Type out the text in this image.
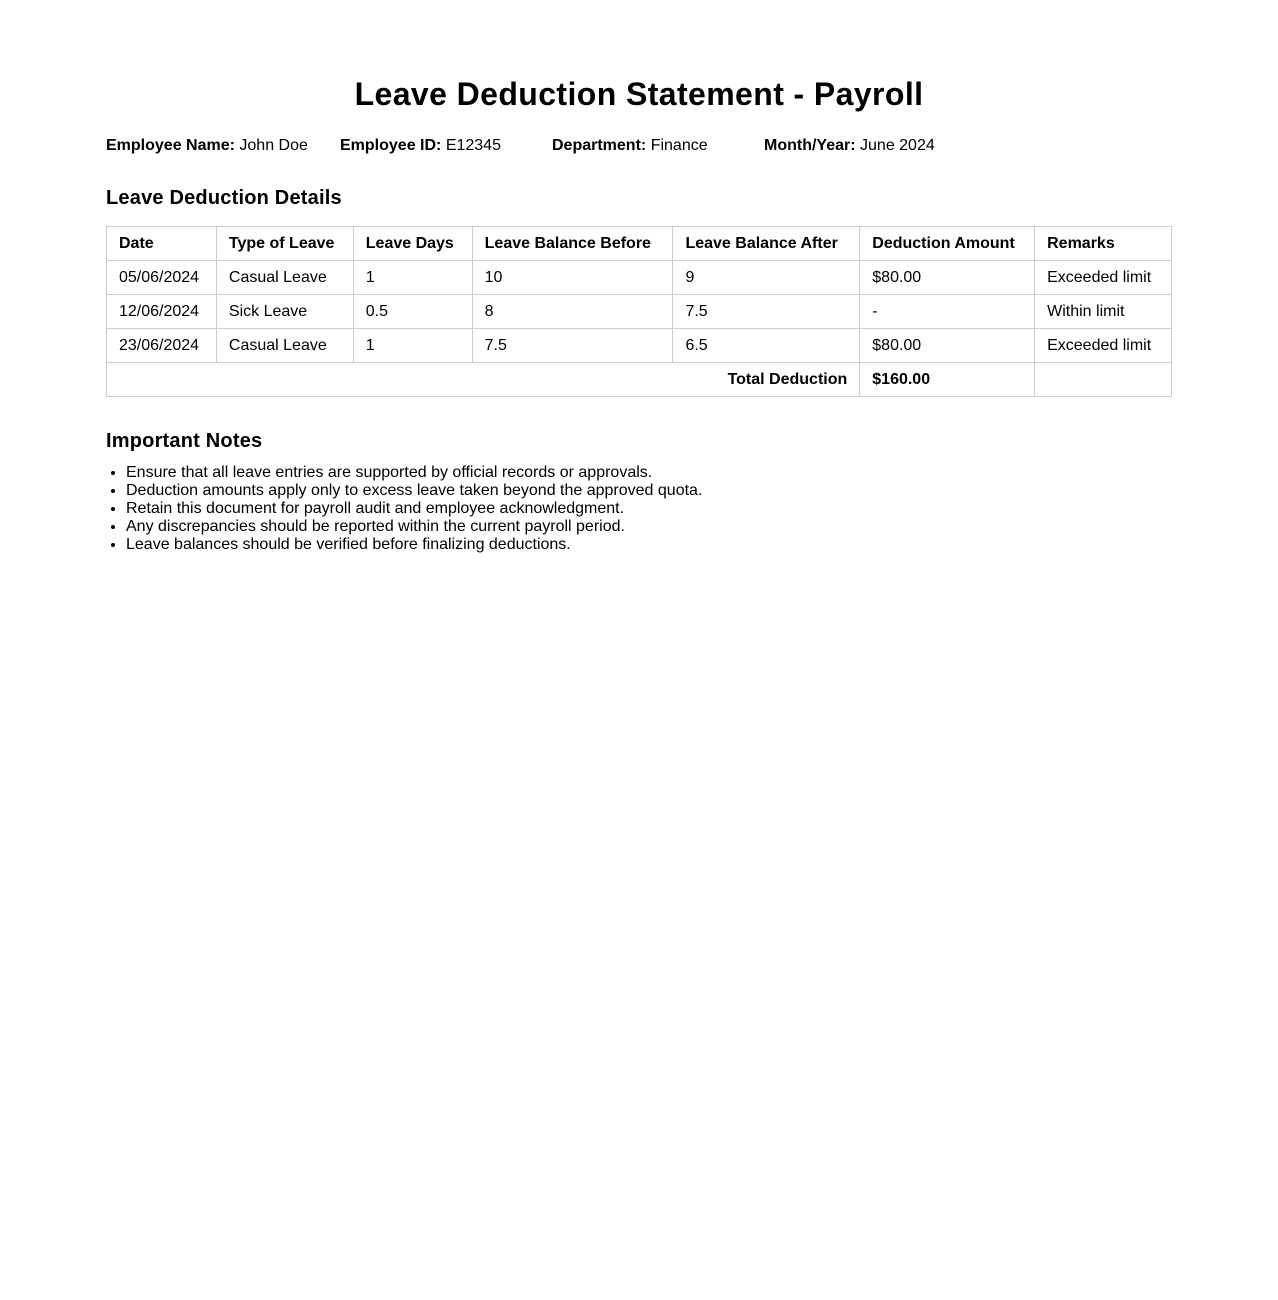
Leave Deduction Statement - Payroll
Employee Name: John Doe Employee ID: E12345	Department: Finance	Month/Year: June 2024
Leave Deduction Details
Date	Type of Leave	Leave Days	Leave Balance Before	Leave Balance After	Deduction Amount	Remarks
05/06/2024	Casual Leave	1	10	9	$80.00	Exceeded limit
12/06/2024	Sick Leave	0.5	8	7.5	-	Within limit
23/06/2024	Casual Leave	1	7.5	6.5	$80.00	Exceeded limit
Total Deduction					$160.00	
Important Notes
• Ensure that all leave entries are supported by official records or approvals.
• Deduction amounts apply only to excess leave taken beyond the approved quota.
• Retain this document for payroll audit and employee acknowledgment.
• Any discrepancies should be reported within the current payroll period.
• Leave balances should be verified before finalizing deductions.
